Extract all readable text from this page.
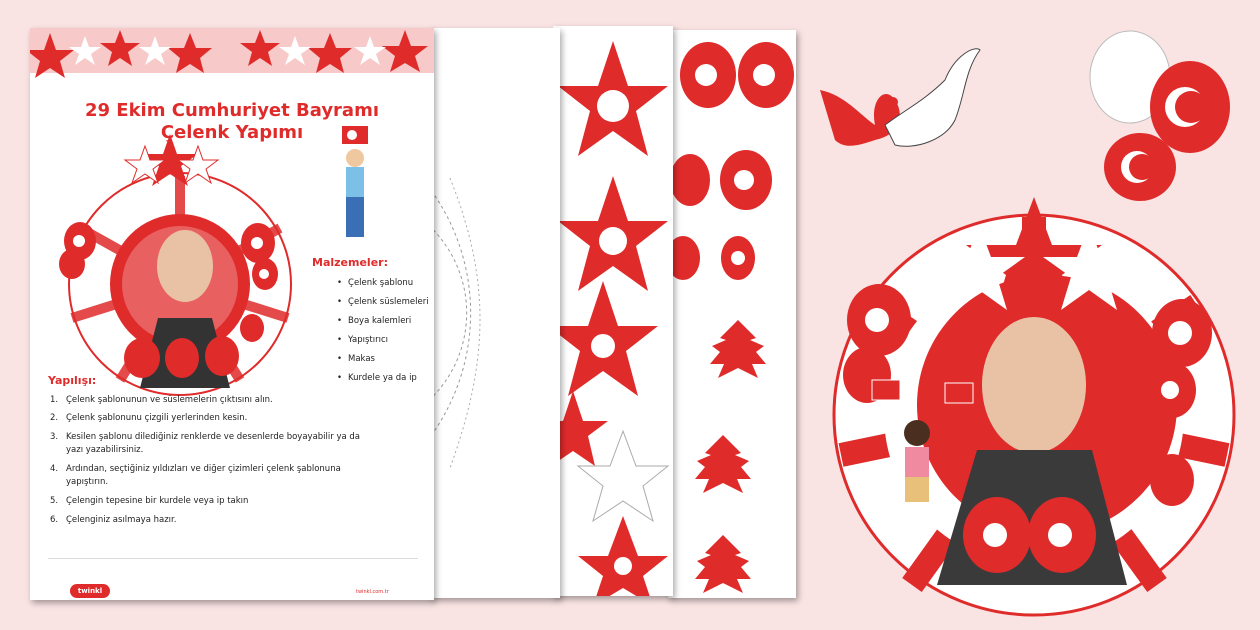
29 Ekim Cumhuriyet Bayramı
Çelenk Yapımı
Malzemeler:
• Çelenk şablonu
• Çelenk süslemeleri
• Boya kalemleri
• Yapıştırıcı
• Makas
• Kurdele ya da ip
Yapılışı:
1. Çelenk şablonunun ve süslemelerin çıktısını alın.
2. Çelenk şablonunu çizgili yerlerinden kesin.
3. Kesilen şablonu dilediğiniz renklerde ve desenlerde boyayabilir ya da
yazı yazabilirsiniz.
4. Ardından, seçtiğiniz yıldızları ve diğer çizimleri çelenk şablonuna
yapıştırın.
5. Çelengin tepesine bir kurdele veya ip takın
6. Çelenginiz asılmaya hazır.
twinkl	twinkl.com.tr
